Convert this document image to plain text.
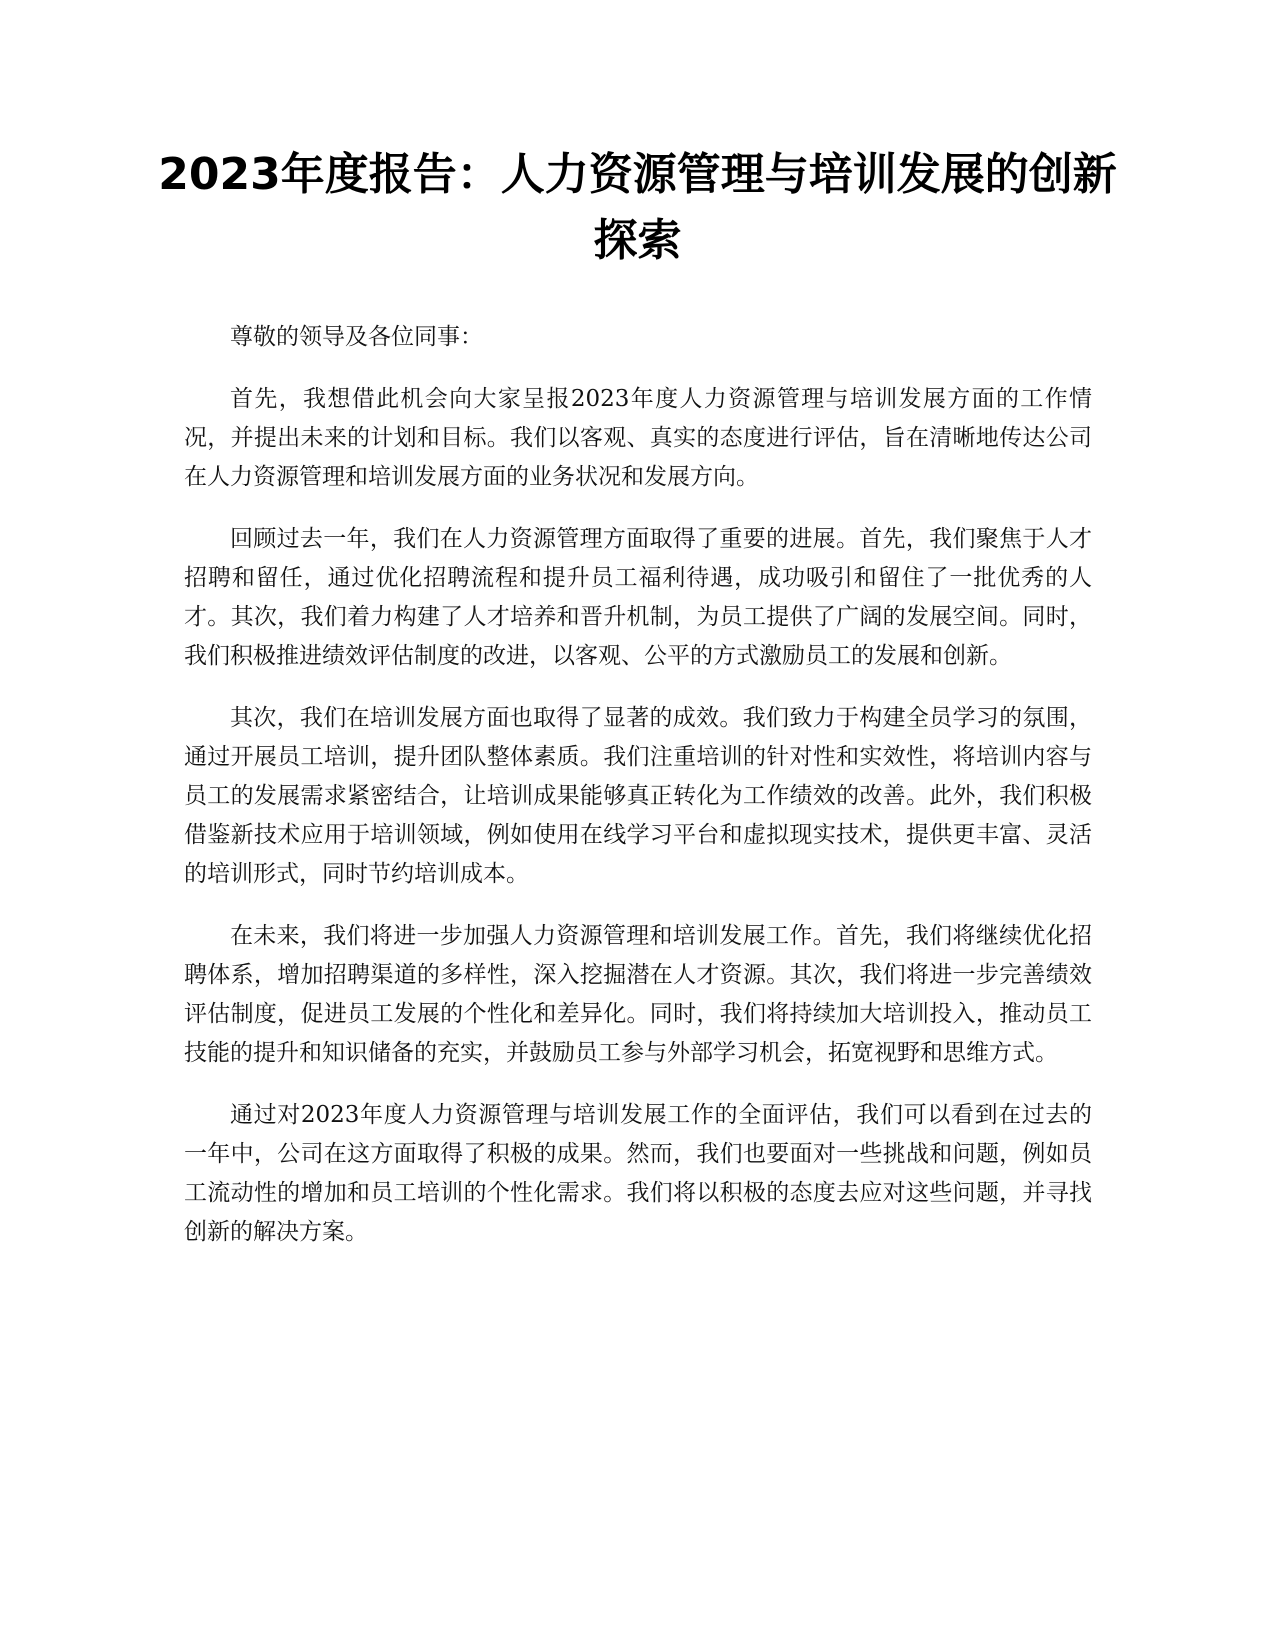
2023年度报告：人力资源管理与培训发展的创新探索

尊敬的领导及各位同事：

首先，我想借此机会向大家呈报2023年度人力资源管理与培训发展方面的工作情况，并提出未来的计划和目标。我们以客观、真实的态度进行评估，旨在清晰地传达公司在人力资源管理和培训发展方面的业务状况和发展方向。

回顾过去一年，我们在人力资源管理方面取得了重要的进展。首先，我们聚焦于人才招聘和留任，通过优化招聘流程和提升员工福利待遇，成功吸引和留住了一批优秀的人才。其次，我们着力构建了人才培养和晋升机制，为员工提供了广阔的发展空间。同时，我们积极推进绩效评估制度的改进，以客观、公平的方式激励员工的发展和创新。

其次，我们在培训发展方面也取得了显著的成效。我们致力于构建全员学习的氛围，通过开展员工培训，提升团队整体素质。我们注重培训的针对性和实效性，将培训内容与员工的发展需求紧密结合，让培训成果能够真正转化为工作绩效的改善。此外，我们积极借鉴新技术应用于培训领域，例如使用在线学习平台和虚拟现实技术，提供更丰富、灵活的培训形式，同时节约培训成本。

在未来，我们将进一步加强人力资源管理和培训发展工作。首先，我们将继续优化招聘体系，增加招聘渠道的多样性，深入挖掘潜在人才资源。其次，我们将进一步完善绩效评估制度，促进员工发展的个性化和差异化。同时，我们将持续加大培训投入，推动员工技能的提升和知识储备的充实，并鼓励员工参与外部学习机会，拓宽视野和思维方式。

通过对2023年度人力资源管理与培训发展工作的全面评估，我们可以看到在过去的一年中，公司在这方面取得了积极的成果。然而，我们也要面对一些挑战和问题，例如员工流动性的增加和员工培训的个性化需求。我们将以积极的态度去应对这些问题，并寻找创新的解决方案。
